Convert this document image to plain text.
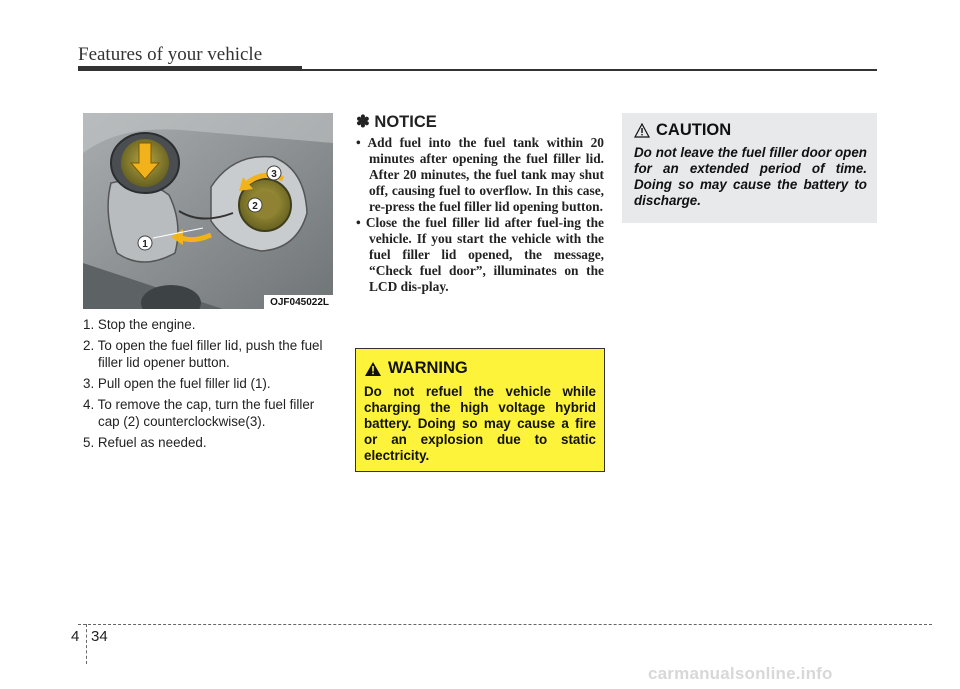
Features of your vehicle
1
2
3
OJF045022L
1. Stop the engine.
2. To open the fuel filler lid, push the fuel filler lid opener button.
3. Pull open the fuel filler lid (1).
4. To remove the cap, turn the fuel filler cap (2) counterclockwise(3).
5. Refuel as needed.
✽ NOTICE
• Add fuel into the fuel tank within 20 minutes after opening the fuel filler lid. After 20 minutes, the fuel tank may shut off, causing fuel to overflow. In this case, re-press the fuel filler lid opening button.
• Close the fuel filler lid after fuel-ing the vehicle. If you start the vehicle with the fuel filler lid opened, the message, “Check fuel door”, illuminates on the LCD dis-play.
CAUTION
Do not leave the fuel filler door open for an extended period of time. Doing so may cause the battery to discharge.
WARNING
Do not refuel the vehicle while charging the high voltage hybrid battery. Doing so may cause a fire or an explosion due to static electricity.
4 34
carmanualsonline.info
